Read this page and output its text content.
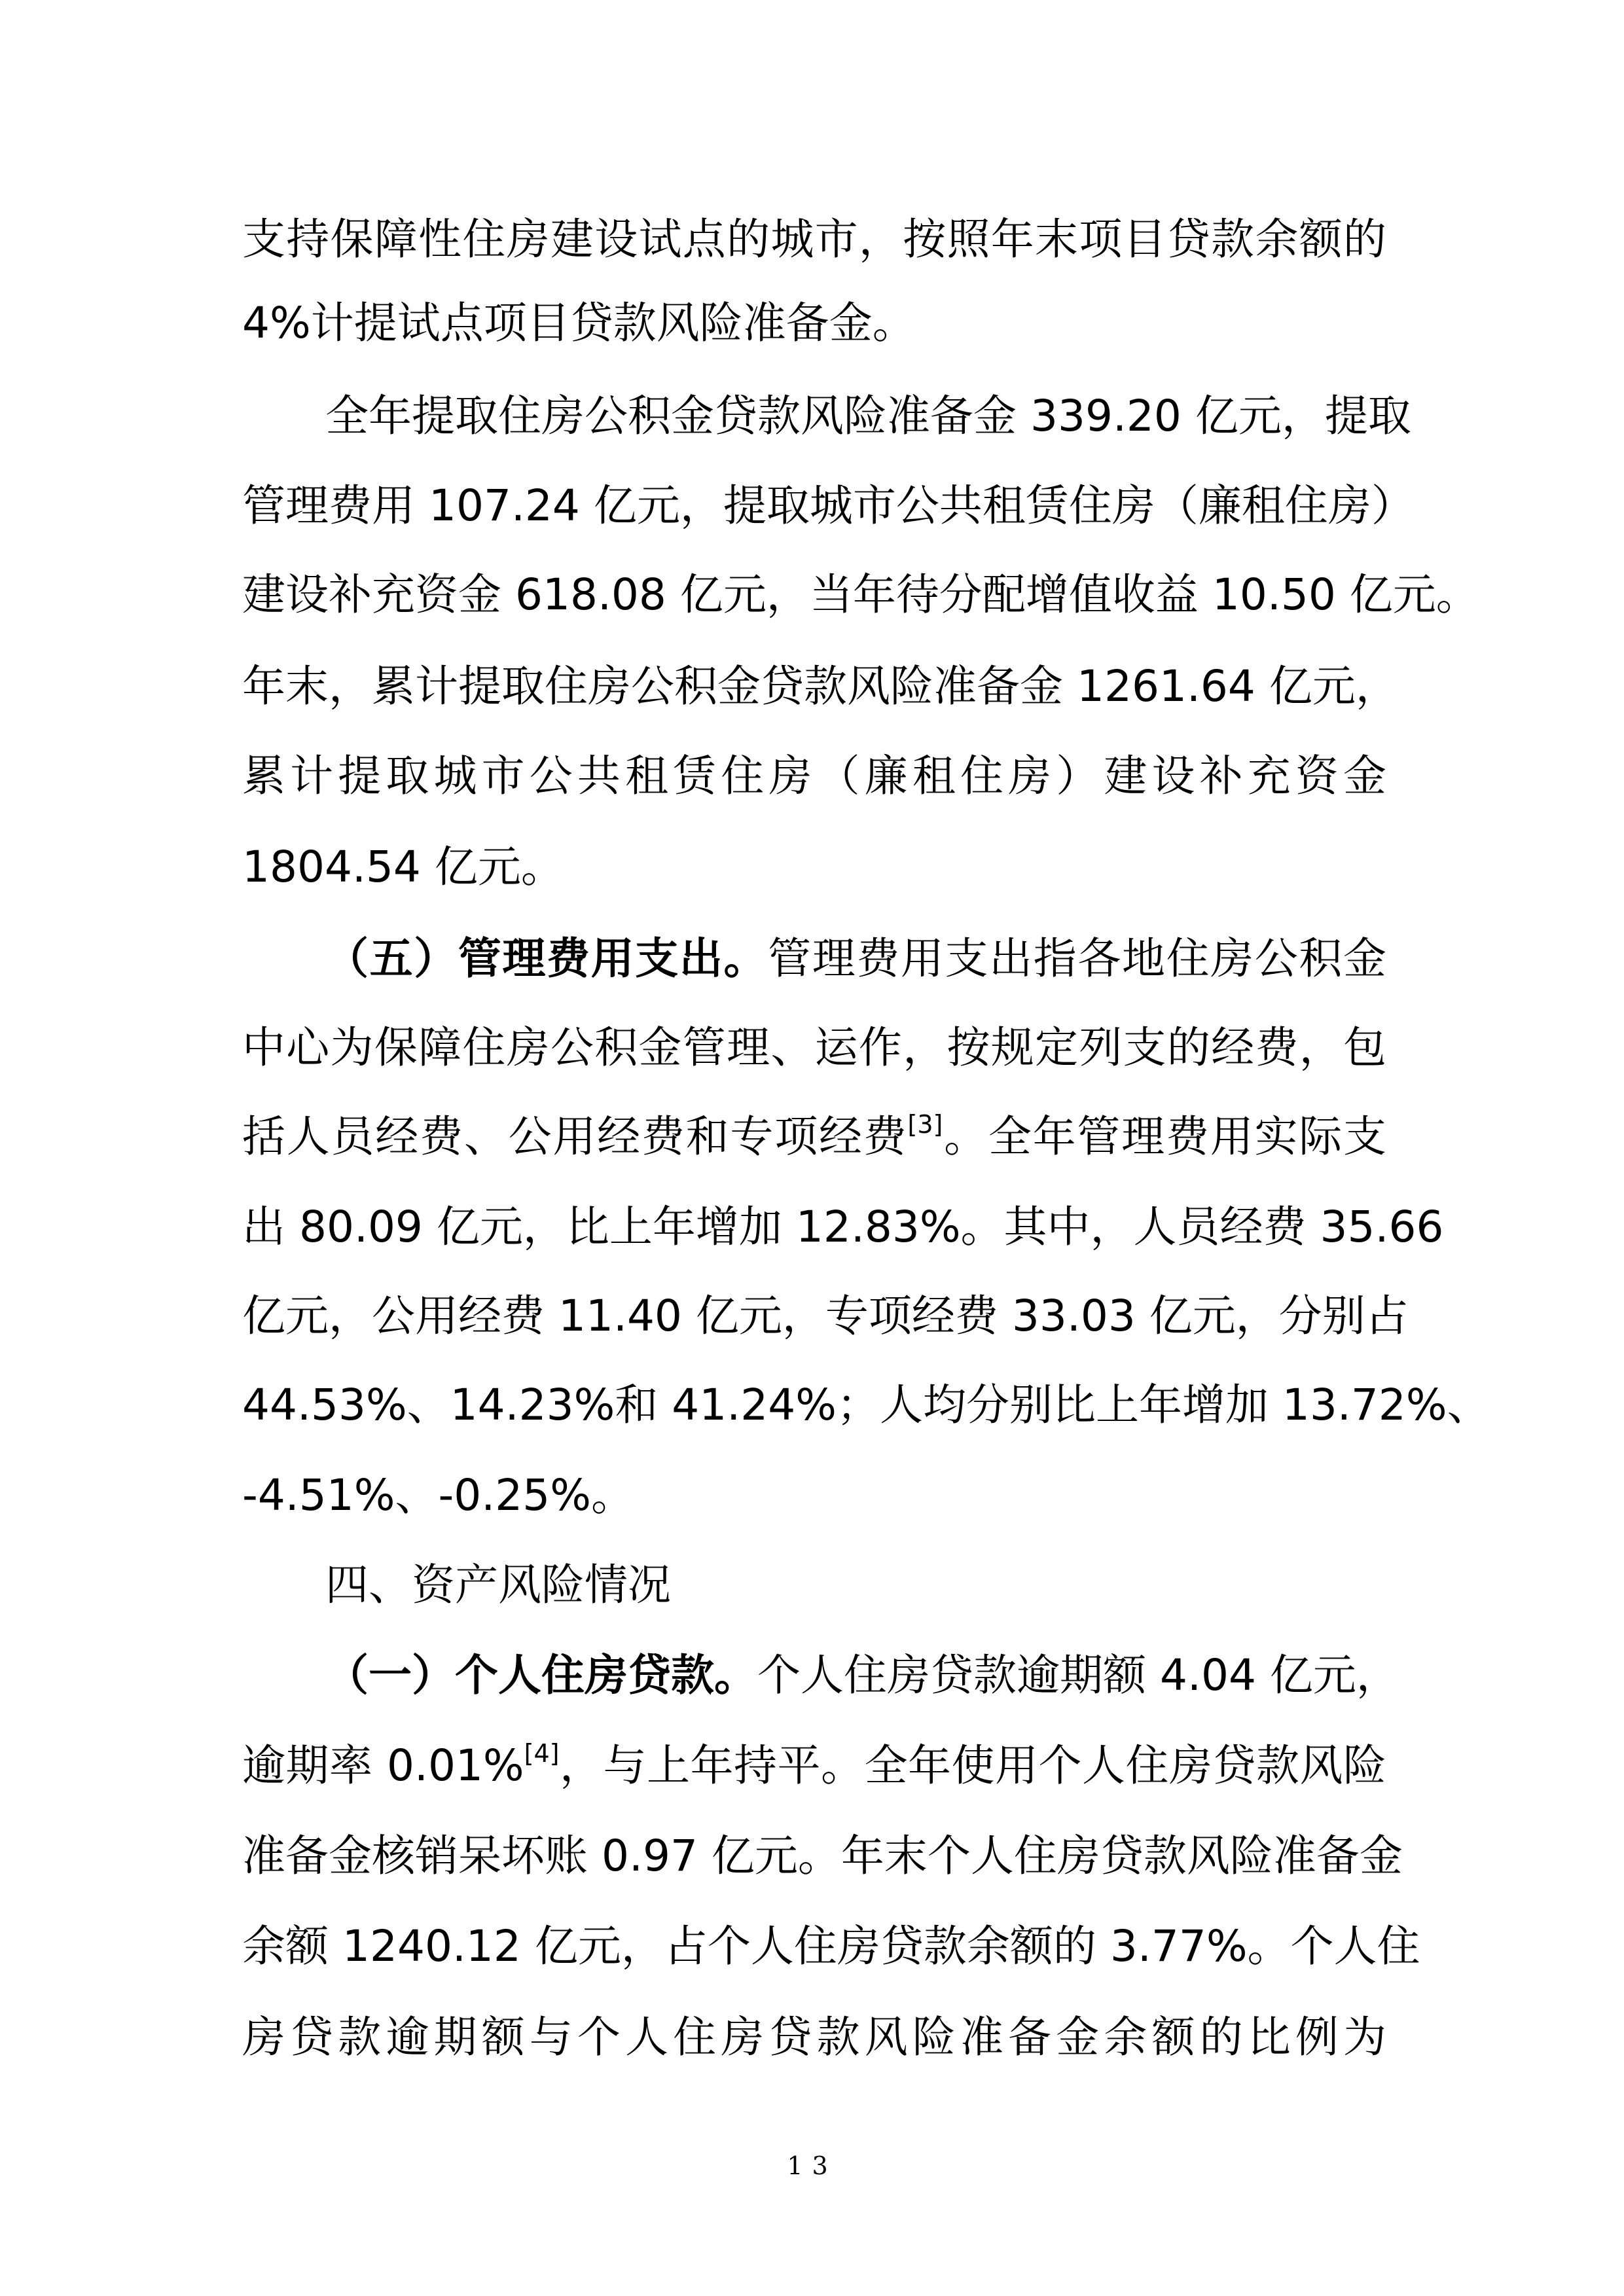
支持保障性住房建设试点的城市，按照年末项目贷款余额的
4%计提试点项目贷款风险准备金。
全年提取住房公积金贷款风险准备金 339.20 亿元，提取
管理费用 107.24 亿元，提取城市公共租赁住房（廉租住房）
建设补充资金 618.08 亿元，当年待分配增值收益 10.50 亿元。
年末，累计提取住房公积金贷款风险准备金 1261.64 亿元，
累计提取城市公共租赁住房（廉租住房）建设补充资金
1804.54 亿元。
（五）管理费用支出。管理费用支出指各地住房公积金
中心为保障住房公积金管理、运作，按规定列支的经费，包
括人员经费、公用经费和专项经费[3]。全年管理费用实际支
出 80.09 亿元，比上年增加 12.83%。其中，人员经费 35.66
亿元，公用经费 11.40 亿元，专项经费 33.03 亿元，分别占
44.53%、14.23%和 41.24%；人均分别比上年增加 13.72%、
-4.51%、-0.25%。
四、资产风险情况
（一）个人住房贷款。个人住房贷款逾期额 4.04 亿元，
逾期率 0.01%[4]，与上年持平。全年使用个人住房贷款风险
准备金核销呆坏账 0.97 亿元。年末个人住房贷款风险准备金
余额 1240.12 亿元，占个人住房贷款余额的 3.77%。个人住
房贷款逾期额与个人住房贷款风险准备金余额的比例为
13
